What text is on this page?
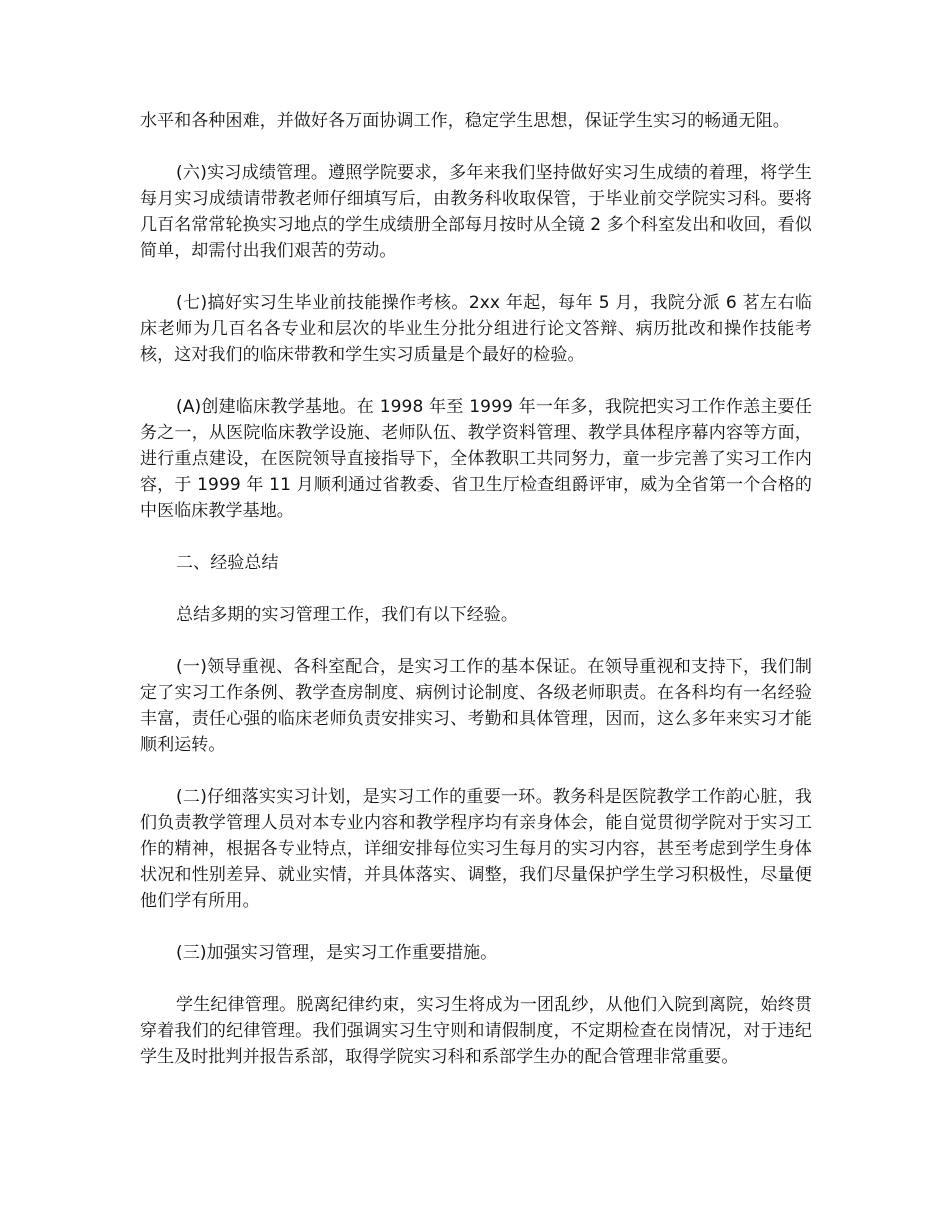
水平和各种困难，并做好各万面协调工作，稳定学生思想，保证学生实习的畅通无阻。

(六)实习成绩管理。遵照学院要求，多年来我们坚持做好实习生成绩的着理，将学生每月实习成绩请带教老师仔细填写后，由教务科收取保管，于毕业前交学院实习科。要将几百名常常轮换实习地点的学生成绩册全部每月按时从全镜 2 多个科室发出和收回，看似简单，却需付出我们艰苦的劳动。

(七)搞好实习生毕业前技能操作考核。2xx 年起，每年 5 月，我院分派 6 茗左右临床老师为几百名各专业和层次的毕业生分批分组进行论文答辩、病历批改和操作技能考核，这对我们的临床带教和学生实习质量是个最好的检验。

(A)创建临床教学基地。在 1998 年至 1999 年一年多，我院把实习工作作恙主要任务之一，从医院临床教学设施、老师队伍、教学资料管理、教学具体程序幕内容等方面，进行重点建设，在医院领导直接指导下，全体教职工共同努力，童一步完善了实习工作内容，于 1999 年 11 月顺利通过省教委、省卫生厅检查组爵评审，威为全省第一个合格的中医临床教学基地。

二、经验总结

总结多期的实习管理工作，我们有以下经验。

(一)领导重视、各科室配合，是实习工作的基本保证。在领导重视和支持下，我们制定了实习工作条例、教学查房制度、病例讨论制度、各级老师职责。在各科均有一名经验丰富，责任心强的临床老师负责安排实习、考勤和具体管理，因而，这么多年来实习才能顺利运转。

(二)仔细落实实习计划，是实习工作的重要一环。教务科是医院教学工作韵心脏，我们负责教学管理人员对本专业内容和教学程序均有亲身体会，能自觉贯彻学院对于实习工作的精神，根据各专业特点，详细安排每位实习生每月的实习内容，甚至考虑到学生身体状况和性别差异、就业实情，并具体落实、调整，我们尽量保护学生学习积极性，尽量便他们学有所用。

(三)加强实习管理，是实习工作重要措施。

学生纪律管理。脱离纪律约束，实习生将成为一团乱纱，从他们入院到离院，始终贯穿着我们的纪律管理。我们强调实习生守则和请假制度，不定期检查在岗情况，对于违纪学生及时批判并报告系部，取得学院实习科和系部学生办的配合管理非常重要。
